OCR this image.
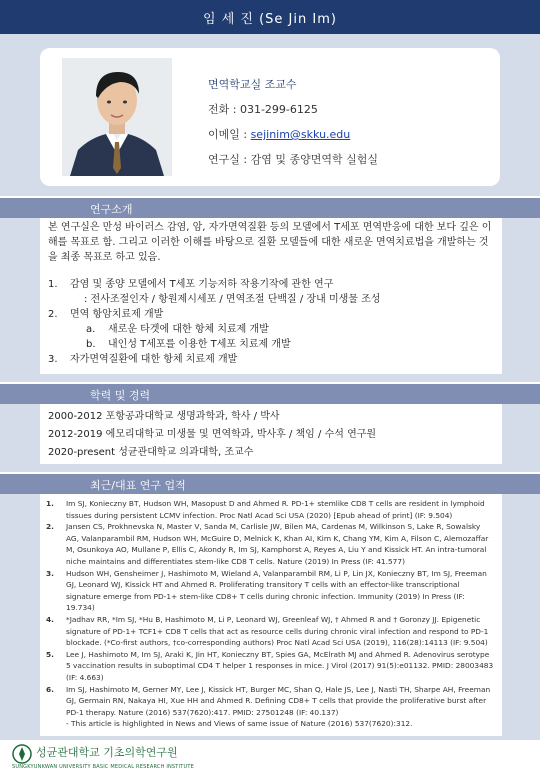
임 세 진 (Se Jin Im)
면역학교실 조교수
전화 : 031-299-6125
이메일 : sejinim@skku.edu
연구실 : 감염 및 종양면역학 실험실
연구소개
본 연구실은 만성 바이러스 감염, 암, 자가면역질환 등의 모델에서 T세포 면역반응에 대한 보다 깊은 이해를 목표로 함. 그리고 이러한 이해를 바탕으로 질환 모델들에 대한 새로운 면역치료법을 개발하는 것을 최종 목표로 하고 있음.
1. 감염 및 종양 모델에서 T세포 기능저하 작용기작에 관한 연구
: 전사조절인자 / 항원제시세포 / 면역조절 단백질 / 장내 미생물 조성
2. 면역 항암치료제 개발
a. 새로운 타겟에 대한 항체 치료제 개발
b. 내인성 T세포를 이용한 T세포 치료제 개발
3. 자가면역질환에 대한 항체 치료제 개발
학력 및 경력
2000-2012 포항공과대학교 생명과학과, 학사 / 박사
2012-2019 에모리대학교 미생물 및 면역학과, 박사후 / 책임 / 수석 연구원
2020-present 성균관대학교 의과대학, 조교수
최근/대표 연구 업적
1.	Im SJ, Konieczny BT, Hudson WH, Masopust D and Ahmed R. PD-1+ stemlike CD8 T cells are resident in lymphoid tissues during persistent LCMV infection. Proc Natl Acad Sci USA (2020) [Epub ahead of print] (IF: 9.504)
2.	Jansen CS, Prokhnevska N, Master V, Sanda M, Carlisle JW, Bilen MA, Cardenas M, Wilkinson S, Lake R, Sowalsky AG, Valanparambil RM, Hudson WH, McGuire D, Melnick K, Khan AI, Kim K, Chang YM, Kim A, Filson C, Alemozaffar M, Osunkoya AO, Mullane P, Ellis C, Akondy R, Im SJ, Kamphorst A, Reyes A, Liu Y and Kissick HT. An intra-tumoral niche maintains and differentiates stem-like CD8 T cells. Nature (2019) In Press (IF: 41.577)
3.	Hudson WH, Gensheimer J, Hashimoto M, Wieland A, Valanparambil RM, Li P, Lin JX, Konieczny BT, Im SJ, Freeman GJ, Leonard WJ, Kissick HT and Ahmed R. Proliferating transitory T cells with an effector-like transcriptional signature emerge from PD-1+ stem-like CD8+ T cells during chronic infection. Immunity (2019) In Press (IF: 19.734)
4.	*Jadhav RR, *Im SJ, *Hu B, Hashimoto M, Li P, Leonard WJ, Greenleaf WJ, † Ahmed R and † Goronzy JJ. Epigenetic signature of PD-1+ TCF1+ CD8 T cells that act as resource cells during chronic viral infection and respond to PD-1 blockade. (*Co-first authors, †co-corresponding authors) Proc Natl Acad Sci USA (2019), 116(28):14113 (IF: 9.504)
5.	Lee J, Hashimoto M, Im SJ, Araki K, Jin HT, Konieczny BT, Spies GA, McElrath MJ and Ahmed R. Adenovirus serotype 5 vaccination results in suboptimal CD4 T helper 1 responses in mice. J Virol (2017) 91(5):e01132. PMID: 28003483 (IF: 4.663)
6.	Im SJ, Hashimoto M, Gerner MY, Lee J, Kissick HT, Burger MC, Shan Q, Hale JS, Lee J, Nasti TH, Sharpe AH, Freeman GJ, Germain RN, Nakaya HI, Xue HH and Ahmed R. Defining CD8+ T cells that provide the proliferative burst after PD-1 therapy. Nature (2016) 537(7620):417. PMID: 27501248 (IF: 40.137)
- This article is highlighted in News and Views of same issue of Nature (2016) 537(7620):312.
성균관대학교 기초의학연구원
SUNGKYUNKWAN UNIVERSITY BASIC MEDICAL RESEARCH INSTITUTE
